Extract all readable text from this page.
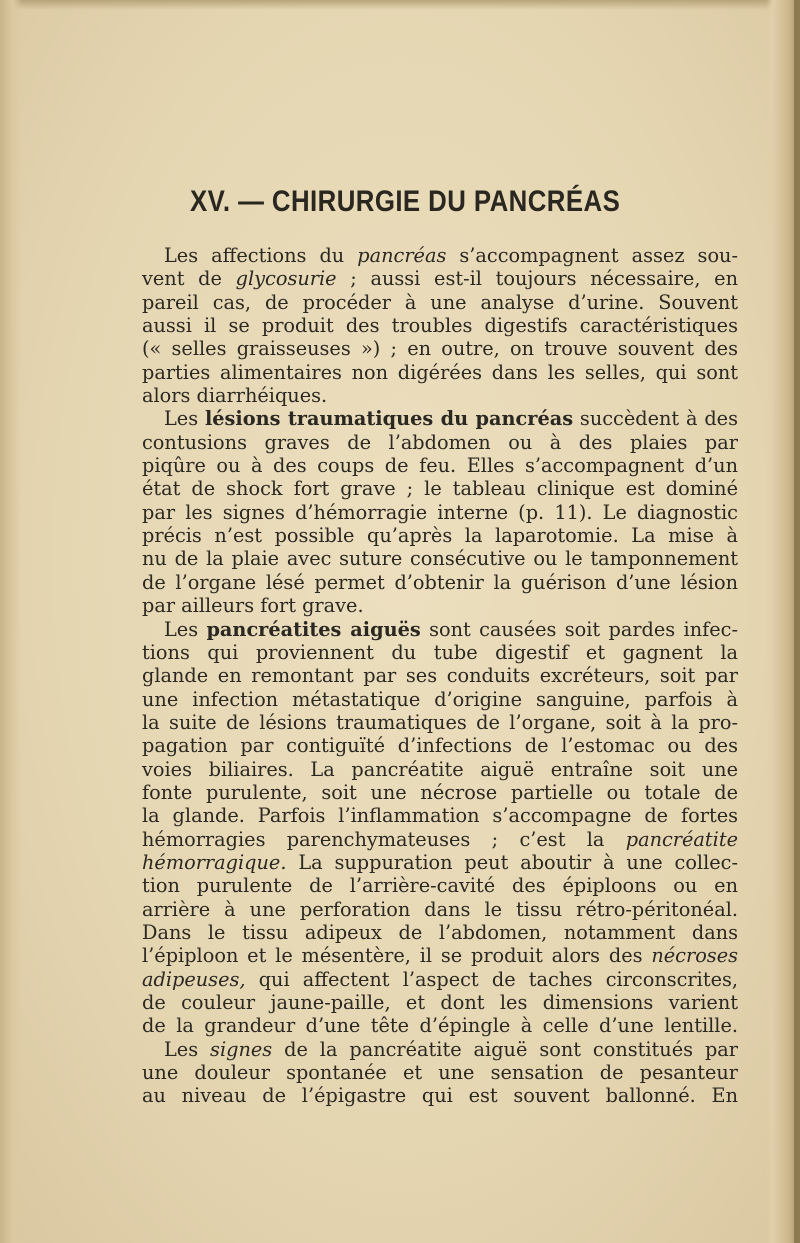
XV. — CHIRURGIE DU PANCRÉAS
Les affections du pancréas s’accompagnent assez sou-
vent de glycosurie ; aussi est-il toujours nécessaire, en
pareil cas, de procéder à une analyse d’urine. Souvent
aussi il se produit des troubles digestifs caractéristiques
(« selles graisseuses ») ; en outre, on trouve souvent des
parties alimentaires non digérées dans les selles, qui sont
alors diarrhéiques.
Les lésions traumatiques du pancréas succèdent à des
contusions graves de l’abdomen ou à des plaies par
piqûre ou à des coups de feu. Elles s’accompagnent d’un
état de shock fort grave ; le tableau clinique est dominé
par les signes d’hémorragie interne (p. 11). Le diagnostic
précis n’est possible qu’après la laparotomie. La mise à
nu de la plaie avec suture consécutive ou le tamponnement
de l’organe lésé permet d’obtenir la guérison d’une lésion
par ailleurs fort grave.
Les pancréatites aiguës sont causées soit pardes infec-
tions qui proviennent du tube digestif et gagnent la
glande en remontant par ses conduits excréteurs, soit par
une infection métastatique d’origine sanguine, parfois à
la suite de lésions traumatiques de l’organe, soit à la pro-
pagation par contiguïté d’infections de l’estomac ou des
voies biliaires. La pancréatite aiguë entraîne soit une
fonte purulente, soit une nécrose partielle ou totale de
la glande. Parfois l’inflammation s’accompagne de fortes
hémorragies parenchymateuses ; c’est la pancréatite
hémorragique. La suppuration peut aboutir à une collec-
tion purulente de l’arrière-cavité des épiploons ou en
arrière à une perforation dans le tissu rétro-péritonéal.
Dans le tissu adipeux de l’abdomen, notamment dans
l’épiploon et le mésentère, il se produit alors des nécroses
adipeuses, qui affectent l’aspect de taches circonscrites,
de couleur jaune-paille, et dont les dimensions varient
de la grandeur d’une tête d’épingle à celle d’une lentille.
Les signes de la pancréatite aiguë sont constitués par
une douleur spontanée et une sensation de pesanteur
au niveau de l’épigastre qui est souvent ballonné. En
